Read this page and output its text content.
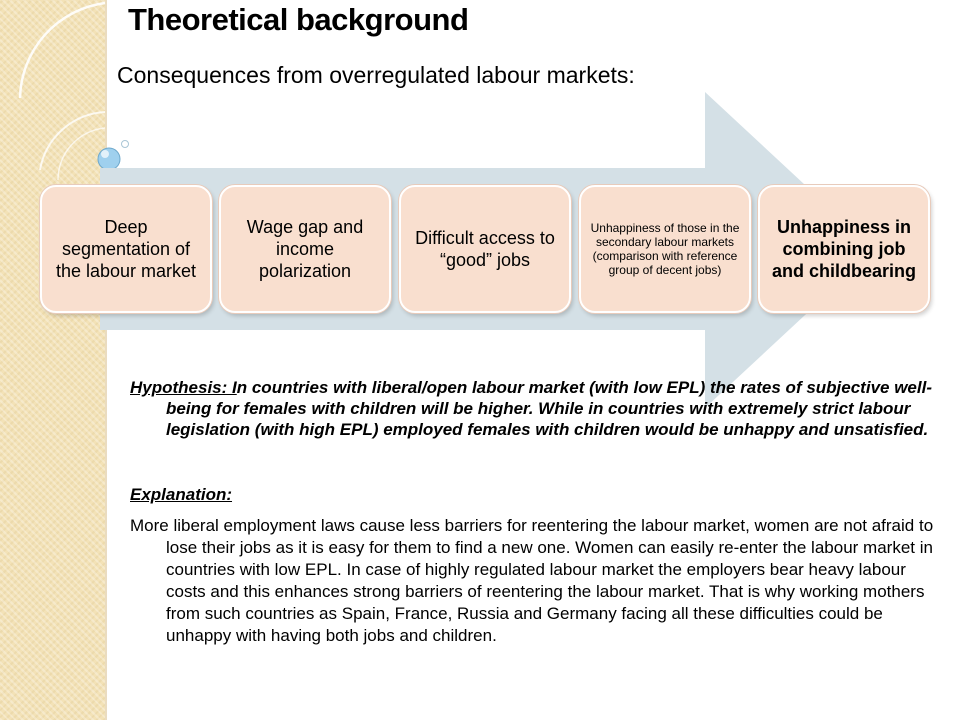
Theoretical background
Consequences from overregulated labour markets:
Deep segmentation of the labour market
Wage gap and income polarization
Difficult access to “good” jobs
Unhappiness of those in the secondary labour markets (comparison with reference group of decent jobs)
Unhappiness in combining job and childbearing

Hypothesis: In countries with liberal/open labour market (with low EPL) the rates of subjective well-being for females with children will be higher. While in countries with extremely strict labour legislation (with high EPL) employed females with children would be unhappy and unsatisfied.

Explanation:

More liberal employment laws cause less barriers for reentering the labour market, women are not afraid to lose their jobs as it is easy for them to find a new one. Women can easily re-enter the labour market in countries with low EPL. In case of highly regulated labour market the employers bear heavy labour costs and this enhances strong barriers of reentering the labour market. That is why working mothers from such countries as Spain, France, Russia and Germany facing all these difficulties could be unhappy with having both jobs and children.
